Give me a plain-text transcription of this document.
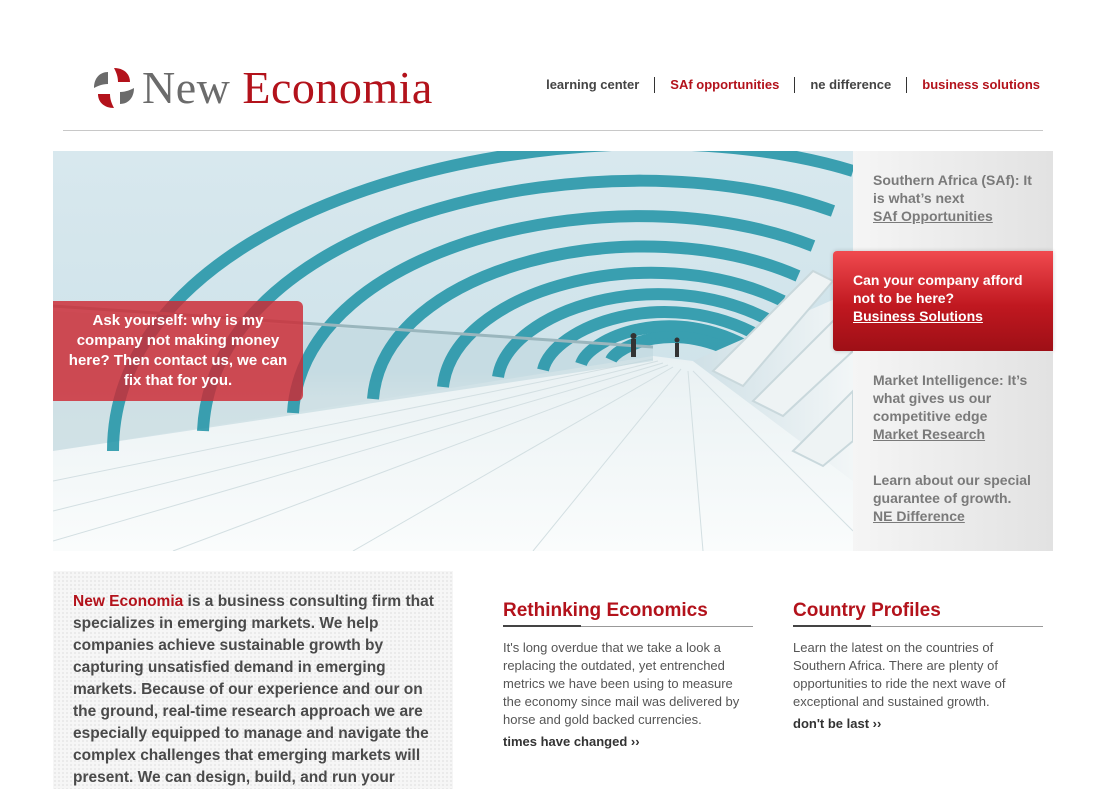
New Economia	learning center	SAf opportunities	ne difference	business solutions
Ask yourself: why is my company not making money here? Then contact us, we can fix that for you.
Southern Africa (SAf): It is what’s next
SAf Opportunities
Can your company afford not to be here?
Business Solutions
Market Intelligence: It’s what gives us our competitive edge
Market Research
Learn about our special guarantee of growth.
NE Difference
New Economia is a business consulting firm that specializes in emerging markets. We help companies achieve sustainable growth by capturing unsatisfied demand in emerging markets. Because of our experience and our on the ground, real-time research approach we are especially equipped to manage and navigate the complex challenges that emerging markets will present. We can design, build, and run your
Rethinking Economics

It's long overdue that we take a look a replacing the outdated, yet entrenched metrics we have been using to measure the economy since mail was delivered by horse and gold backed currencies.

times have changed ››
Country Profiles

Learn the latest on the countries of Southern Africa. There are plenty of opportunities to ride the next wave of exceptional and sustained growth.

don't be last ››
